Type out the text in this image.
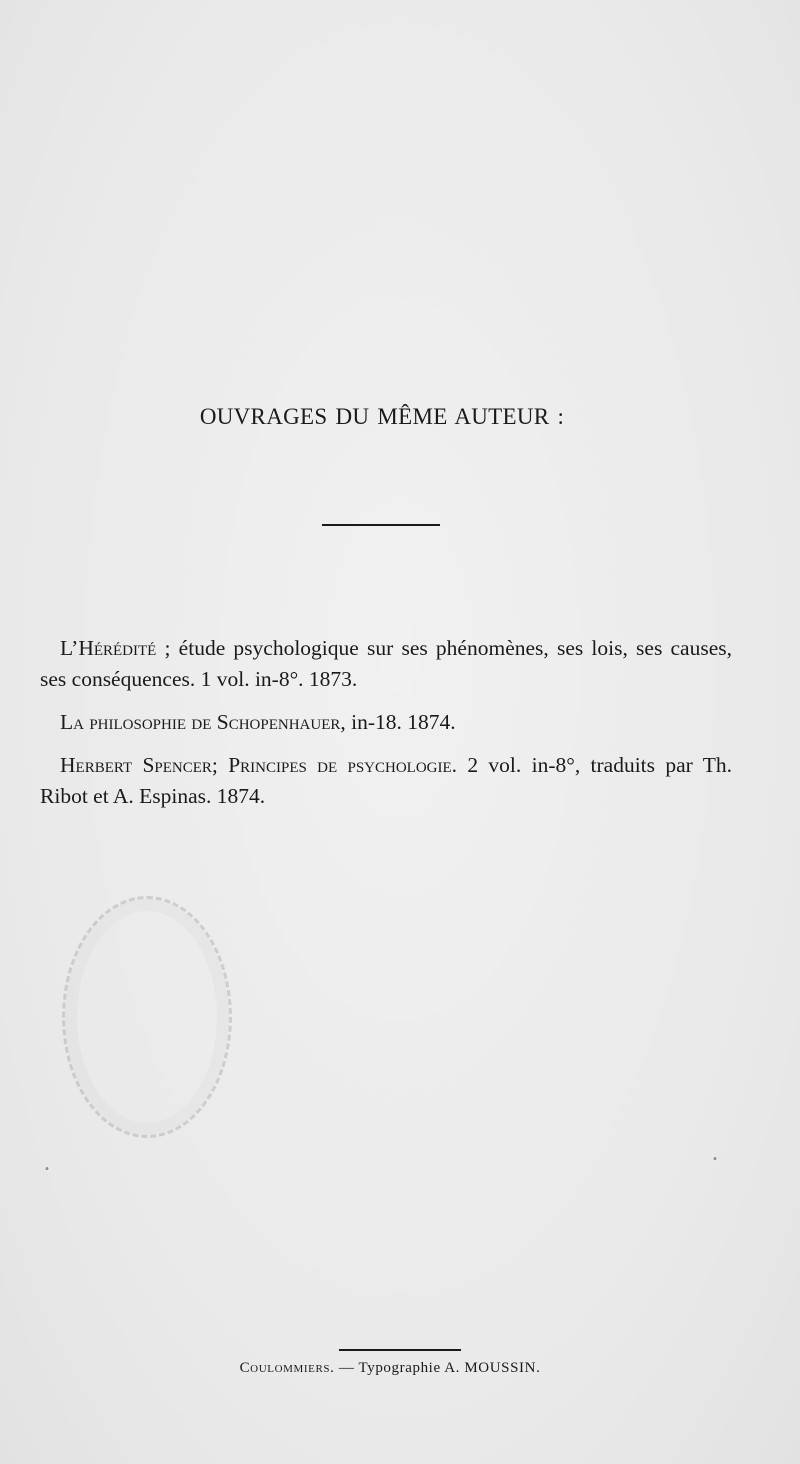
OUVRAGES DU MÊME AUTEUR :

L’Hérédité ; étude psychologique sur ses phénomènes, ses lois, ses causes, ses conséquences. 1 vol. in-8°. 1873.

La philosophie de Schopenhauer, in-18. 1874.

Herbert Spencer; Principes de psychologie. 2 vol. in-8°, traduits par Th. Ribot et A. Espinas. 1874.

.	.
Coulommiers. — Typographie A. MOUSSIN.
